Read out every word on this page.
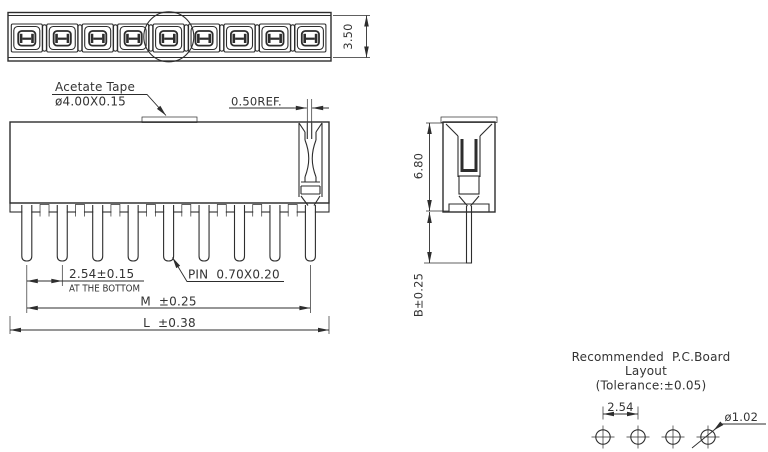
3.50
Acetate Tape
ø4.00X0.15	0.50REF.
2.54±0.15
AT THE BOTTOM
PIN  0.70X0.20
M  ±0.25
L  ±0.38
6.80
B±0.25
Recommended  P.C.Board
Layout
(Tolerance:±0.05)
2.54
ø1.02
